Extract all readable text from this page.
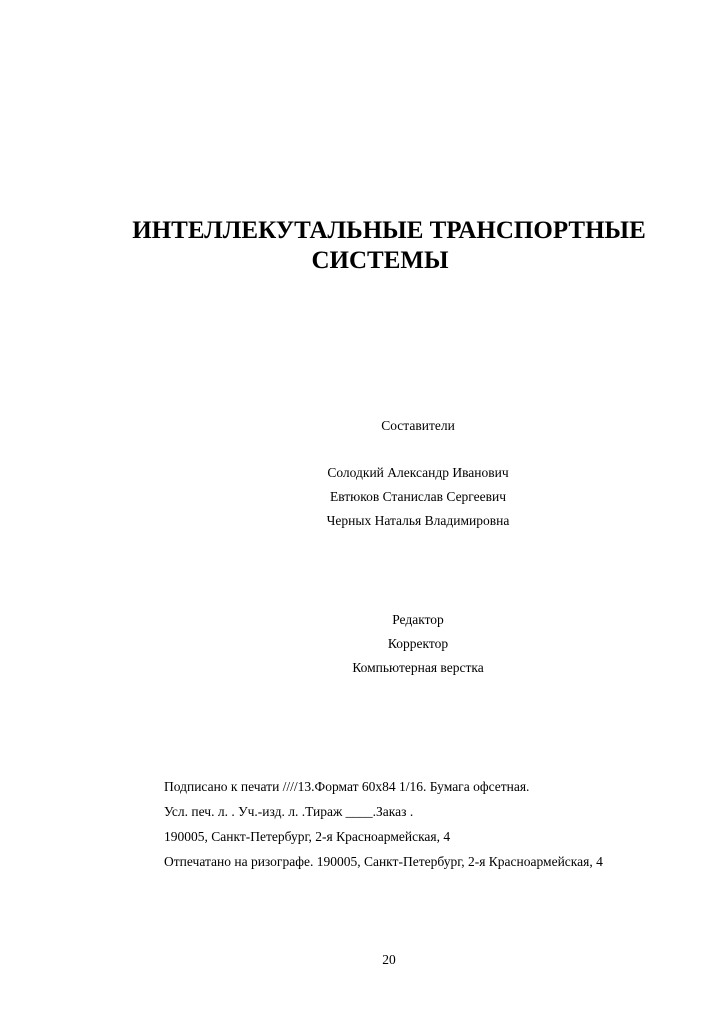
ИНТЕЛЛЕКУТАЛЬНЫЕ ТРАНСПОРТНЫЕ
СИСТЕМЫ
Составители
Солодкий Александр Иванович
Евтюков Станислав Сергеевич
Черных Наталья Владимировна
Редактор
Корректор
Компьютерная верстка
Подписано к печати ////13.Формат 60х84 1/16. Бумага офсетная.
Усл. печ. л. . Уч.-изд. л. .Тираж ____.Заказ .
190005, Санкт-Петербург, 2-я Красноармейская, 4
Отпечатано на ризографе. 190005, Санкт-Петербург, 2-я Красноармейская, 4
20
